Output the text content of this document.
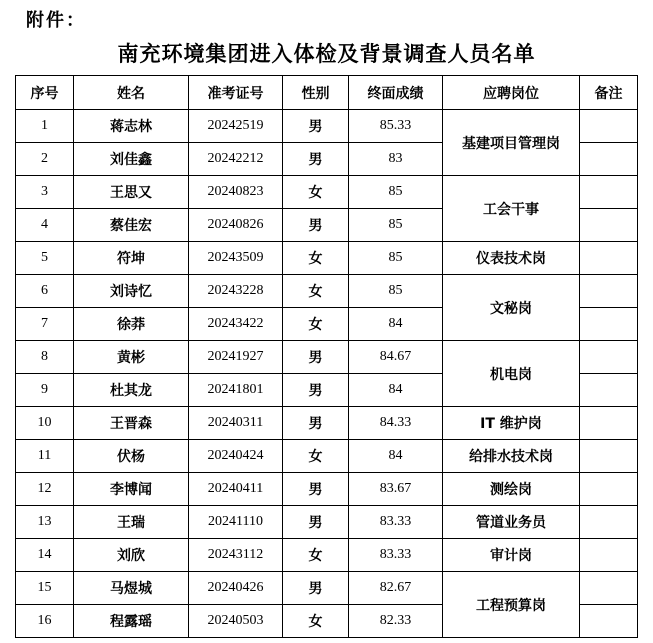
附件：
南充环境集团进入体检及背景调查人员名单
序号	姓名	准考证号	性别	终面成绩	应聘岗位	备注
1	蒋志林	20242519	男	85.33	基建项目管理岗	
2	刘佳鑫	20242212	男	83		
3	王思又	20240823	女	85	工会干事	
4	蔡佳宏	20240826	男	85		
5	符坤	20243509	女	85	仪表技术岗	
6	刘诗忆	20243228	女	85	文秘岗	
7	徐莽	20243422	女	84		
8	黄彬	20241927	男	84.67	机电岗	
9	杜其龙	20241801	男	84		
10	王晋森	20240311	男	84.33	IT 维护岗	
11	伏杨	20240424	女	84	给排水技术岗	
12	李博闻	20240411	男	83.67	测绘岗	
13	王瑞	20241110	男	83.33	管道业务员	
14	刘欣	20243112	女	83.33	审计岗	
15	马煜城	20240426	男	82.67	工程预算岗	
16	程露瑶	20240503	女	82.33		
